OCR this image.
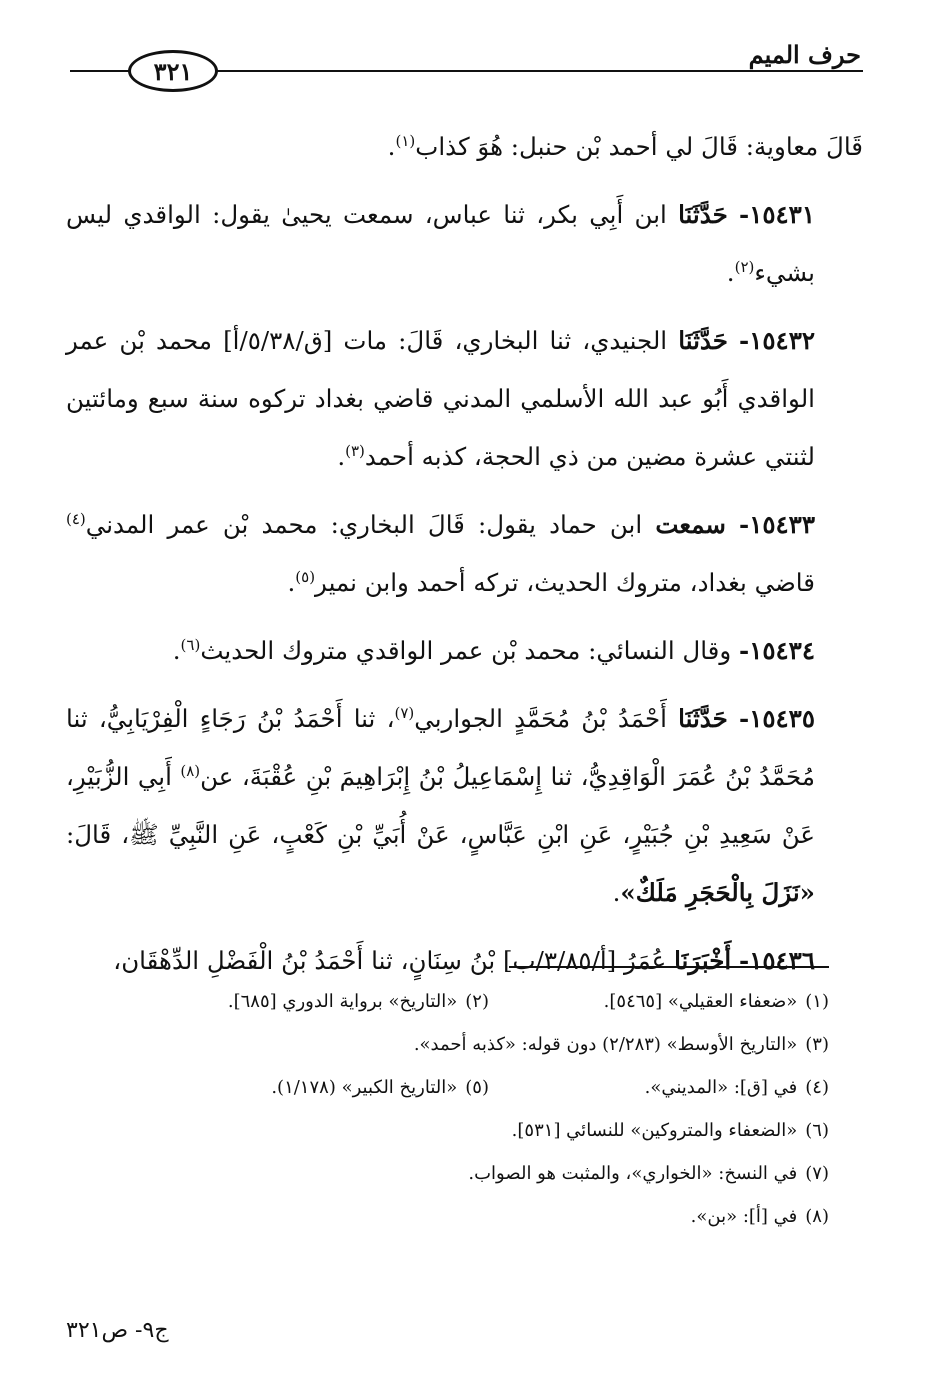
حرف الميم
٣٢١

قَالَ معاوية: قَالَ لي أحمد بْن حنبل: هُوَ كذاب$^{(١)}$.

١٥٤٣١- حَدَّثَنَا ابن أَبِي بكر، ثنا عباس، سمعت يحيىٰ يقول: الواقدي ليس بشيء$^{(٢)}$.

١٥٤٣٢- حَدَّثَنَا الجنيدي، ثنا البخاري، قَالَ: مات [ق/٥/٣٨/أ] محمد بْن عمر الواقدي أَبُو عبد الله الأسلمي المدني قاضي بغداد تركوه سنة سبع ومائتين لثنتي عشرة مضين من ذي الحجة، كذبه أحمد$^{(٣)}$.

١٥٤٣٣- سمعت ابن حماد يقول: قَالَ البخاري: محمد بْن عمر المدني$^{(٤)}$ قاضي بغداد، متروك الحديث، تركه أحمد وابن نمير$^{(٥)}$.

١٥٤٣٤- وقال النسائي: محمد بْن عمر الواقدي متروك الحديث$^{(٦)}$.

١٥٤٣٥- حَدَّثَنَا أَحْمَدُ بْنُ مُحَمَّدٍ الجواربي$^{(٧)}$، ثنا أَحْمَدُ بْنُ رَجَاءٍ الْفِرْيَابِيُّ، ثنا مُحَمَّدُ بْنُ عُمَرَ الْوَاقِدِيُّ، ثنا إِسْمَاعِيلُ بْنُ إِبْرَاهِيمَ بْنِ عُقْبَةَ، عن$^{(٨)}$ أَبِي الزُّبَيْرِ، عَنْ سَعِيدِ بْنِ جُبَيْرٍ، عَنِ ابْنِ عَبَّاسٍ، عَنْ أُبَيِّ بْنِ كَعْبٍ، عَنِ النَّبِيِّ ﷺ، قَالَ: «نَزَلَ بِالْحَجَرِ مَلَكٌ».

١٥٤٣٦- أَخْبَرَنَا عُمَرُ [أ/٣/٨٥/ب] بْنُ سِنَانٍ، ثنا أَحْمَدُ بْنُ الْفَضْلِ الدِّهْقَان،

(١)«ضعفاء العقيلي» [٥٤٦٥].
(٢)«التاريخ» برواية الدوري [٦٨٥].
(٣)«التاريخ الأوسط» (٢/٢٨٣) دون قوله: «كذبه أحمد».
(٤)في [ق]: «المديني».
(٥)«التاريخ الكبير» (١/١٧٨).
(٦)«الضعفاء والمتروكين» للنسائي [٥٣١].
(٧)في النسخ: «الخواري»، والمثبت هو الصواب.
(٨)في [أ]: «بن».
ج٩- ص٣٢١
